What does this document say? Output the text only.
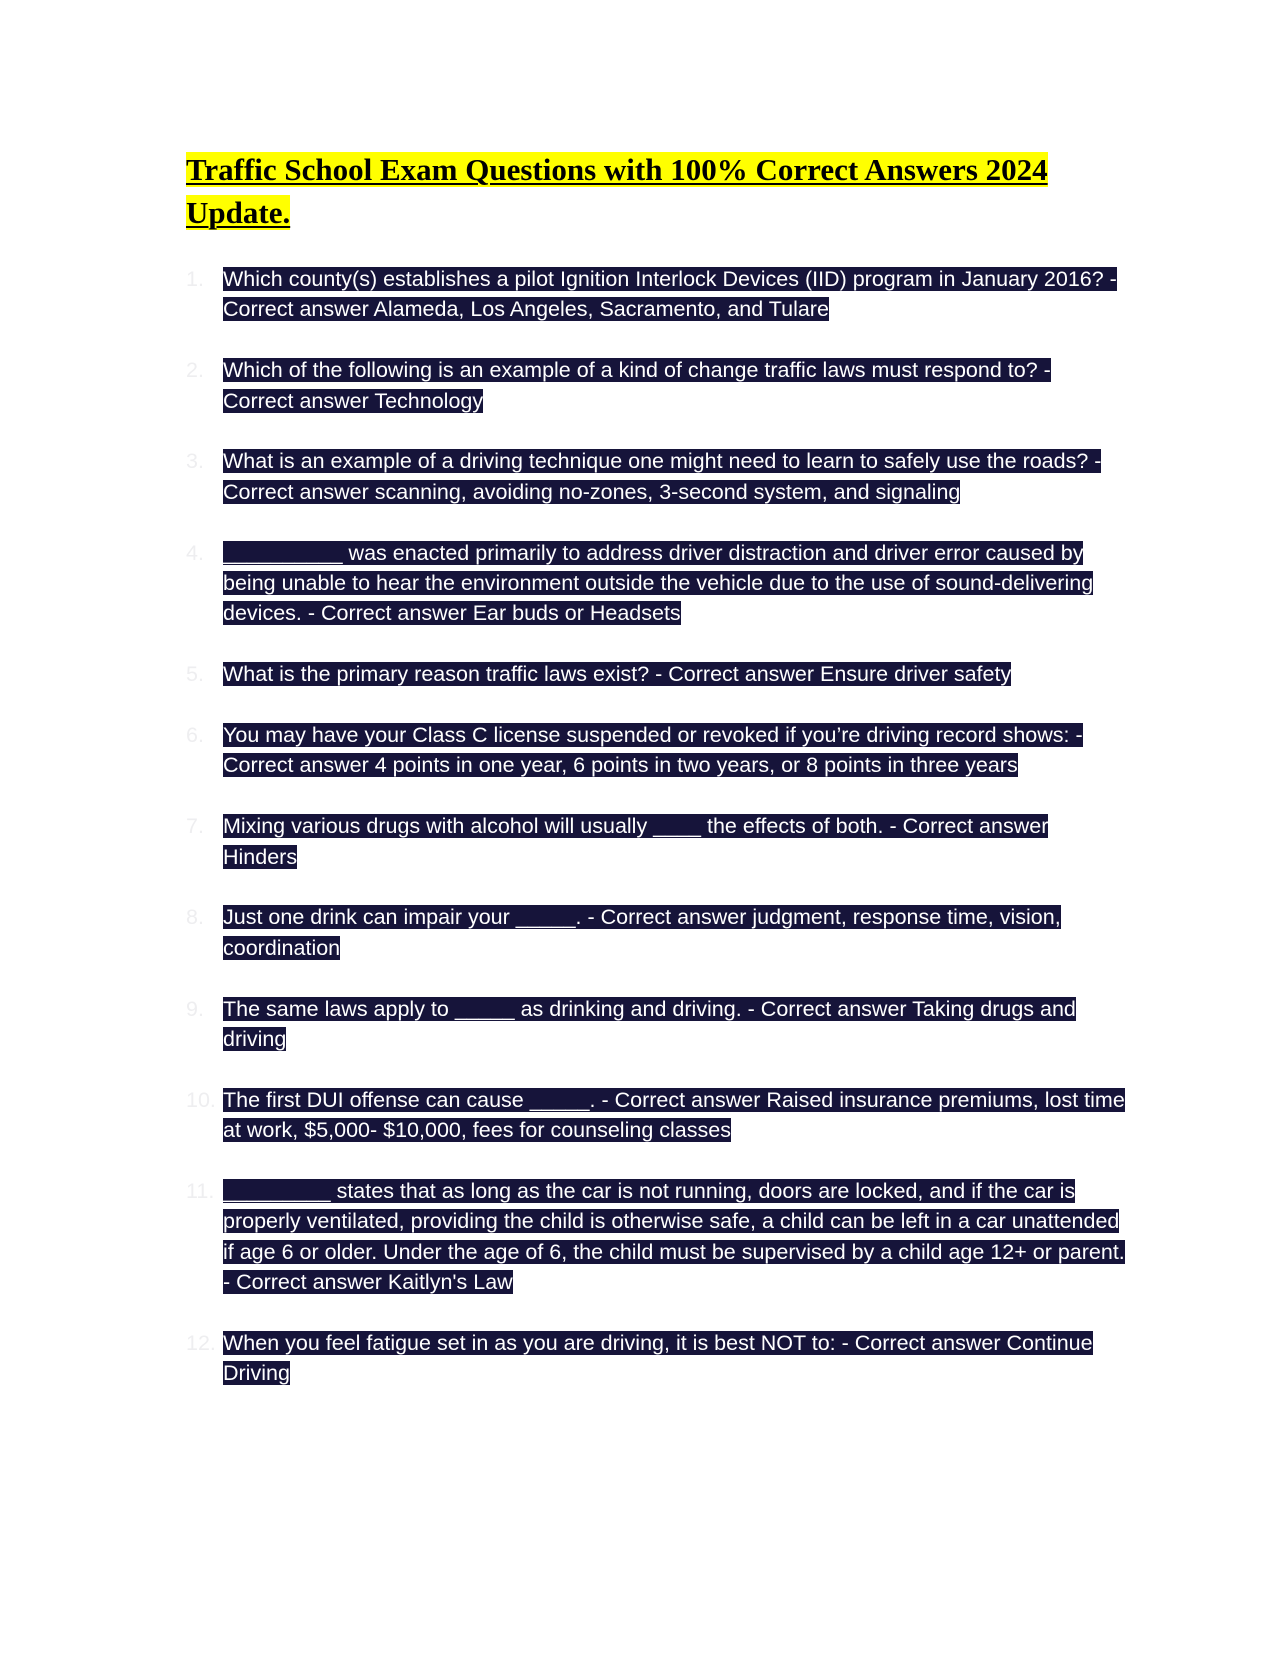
Traffic School Exam Questions with 100% Correct Answers 2024 Update.
1. Which county(s) establishes a pilot Ignition Interlock Devices (IID) program in January 2016? - Correct answer Alameda, Los Angeles, Sacramento, and Tulare
2. Which of the following is an example of a kind of change traffic laws must respond to? - Correct answer Technology
3. What is an example of a driving technique one might need to learn to safely use the roads? - Correct answer scanning, avoiding no-zones, 3-second system, and signaling
4. __________ was enacted primarily to address driver distraction and driver error caused by being unable to hear the environment outside the vehicle due to the use of sound-delivering devices. - Correct answer Ear buds or Headsets
5. What is the primary reason traffic laws exist? - Correct answer Ensure driver safety
6. You may have your Class C license suspended or revoked if you’re driving record shows: - Correct answer 4 points in one year, 6 points in two years, or 8 points in three years
7. Mixing various drugs with alcohol will usually ____ the effects of both. - Correct answer Hinders
8. Just one drink can impair your _____. - Correct answer judgment, response time, vision, coordination
9. The same laws apply to _____ as drinking and driving. - Correct answer Taking drugs and driving
10. The first DUI offense can cause _____. - Correct answer Raised insurance premiums, lost time at work, $5,000- $10,000, fees for counseling classes
11. _________ states that as long as the car is not running, doors are locked, and if the car is properly ventilated, providing the child is otherwise safe, a child can be left in a car unattended if age 6 or older. Under the age of 6, the child must be supervised by a child age 12+ or parent. - Correct answer Kaitlyn's Law
12. When you feel fatigue set in as you are driving, it is best NOT to: - Correct answer Continue Driving
